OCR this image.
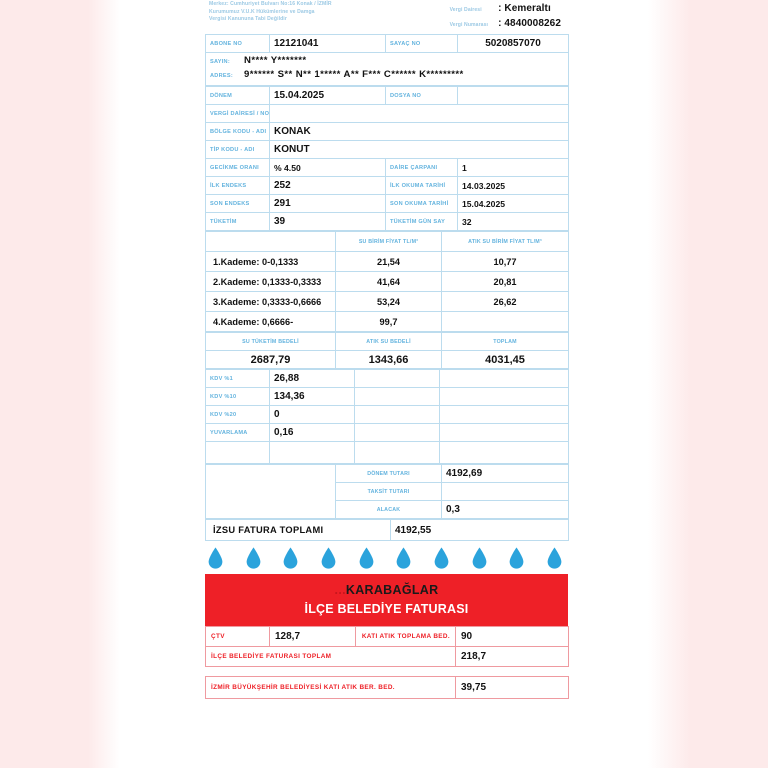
Merkez: Cumhuriyet Bulvarı No:16 Konak / İZMİR
Kurumumuz V.U.K Hükümlerine ve Damga
Vergisi Kanununa Tabi Değildir
Vergi Dairesi	: Kemeraltı
Vergi Numarası	: 4840008262
ABONE NO	12121041	SAYAÇ NO	5020857070

SAYIN:	N**** Y*******
ADRES:	9****** S** N** 1***** A** F*** C****** K*********
DÖNEM	15.04.2025	DOSYA NO	
VERGİ DAİRESİ / NO			
BÖLGE KODU - ADI	KONAK		
TİP KODU - ADI	KONUT		
GECİKME ORANI	% 4.50	DAİRE ÇARPANI	1
İLK ENDEKS	252	İLK OKUMA TARİHİ	14.03.2025
SON ENDEKS	291	SON OKUMA TARİHİ	15.04.2025
TÜKETİM	39	TÜKETİM GÜN SAY	32
	SU BİRİM FİYAT TL/M³	ATIK SU BİRİM FİYAT TL/M³
1.Kademe: 0-0,1333	21,54	10,77
2.Kademe: 0,1333-0,3333	41,64	20,81
3.Kademe: 0,3333-0,6666	53,24	26,62
4.Kademe: 0,6666-	99,7	
SU TÜKETİM BEDELİ	ATIK SU BEDELİ	TOPLAM
2687,79	1343,66	4031,45
KDV %1	26,88		
KDV %10	134,36		
KDV %20	0		
YUVARLAMA	0,16		

	DÖNEM TUTARI	4192,69
	TAKSİT TUTARI	
	ALACAK	0,3
İZSU FATURA TOPLAMI	4192,55
...KARABAĞLAR
İLÇE BELEDİYE FATURASI
ÇTV	128,7	KATI ATIK TOPLAMA BED.	90
İLÇE BELEDİYE FATURASI TOPLAM			218,7
İZMİR BÜYÜKŞEHİR BELEDİYESİ KATI ATIK BER. BED.	39,75
